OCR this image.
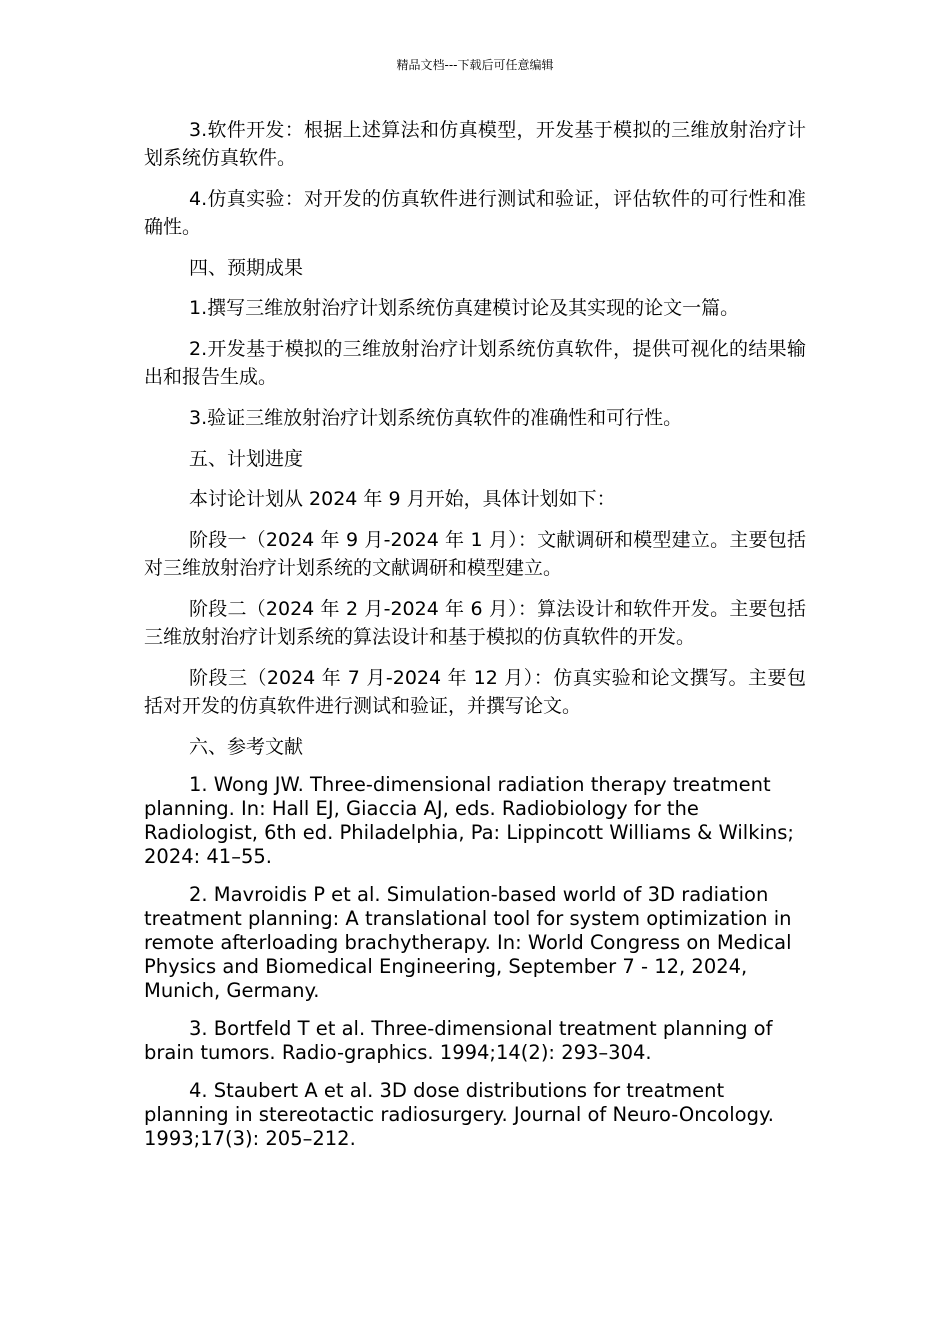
精品文档---下载后可任意编辑

3.软件开发：根据上述算法和仿真模型，开发基于模拟的三维放射治疗计划系统仿真软件。

4.仿真实验：对开发的仿真软件进行测试和验证，评估软件的可行性和准确性。

四、预期成果

1.撰写三维放射治疗计划系统仿真建模讨论及其实现的论文一篇。

2.开发基于模拟的三维放射治疗计划系统仿真软件，提供可视化的结果输出和报告生成。

3.验证三维放射治疗计划系统仿真软件的准确性和可行性。

五、计划进度

本讨论计划从 2024 年 9 月开始，具体计划如下：

阶段一（2024 年 9 月-2024 年 1 月）：文献调研和模型建立。主要包括对三维放射治疗计划系统的文献调研和模型建立。

阶段二（2024 年 2 月-2024 年 6 月）：算法设计和软件开发。主要包括三维放射治疗计划系统的算法设计和基于模拟的仿真软件的开发。

阶段三（2024 年 7 月-2024 年 12 月）：仿真实验和论文撰写。主要包括对开发的仿真软件进行测试和验证，并撰写论文。

六、参考文献

1. Wong JW. Three-dimensional radiation therapy treatment planning. In: Hall EJ, Giaccia AJ, eds. Radiobiology for the Radiologist, 6th ed. Philadelphia, Pa: Lippincott Williams & Wilkins; 2024: 41–55.

2. Mavroidis P et al. Simulation-based world of 3D radiation treatment planning: A translational tool for system optimization in remote afterloading brachytherapy. In: World Congress on Medical Physics and Biomedical Engineering, September 7 - 12, 2024, Munich, Germany.

3. Bortfeld T et al. Three-dimensional treatment planning of brain tumors. Radio-graphics. 1994;14(2): 293–304.

4. Staubert A et al. 3D dose distributions for treatment planning in stereotactic radiosurgery. Journal of Neuro-Oncology. 1993;17(3): 205–212.
